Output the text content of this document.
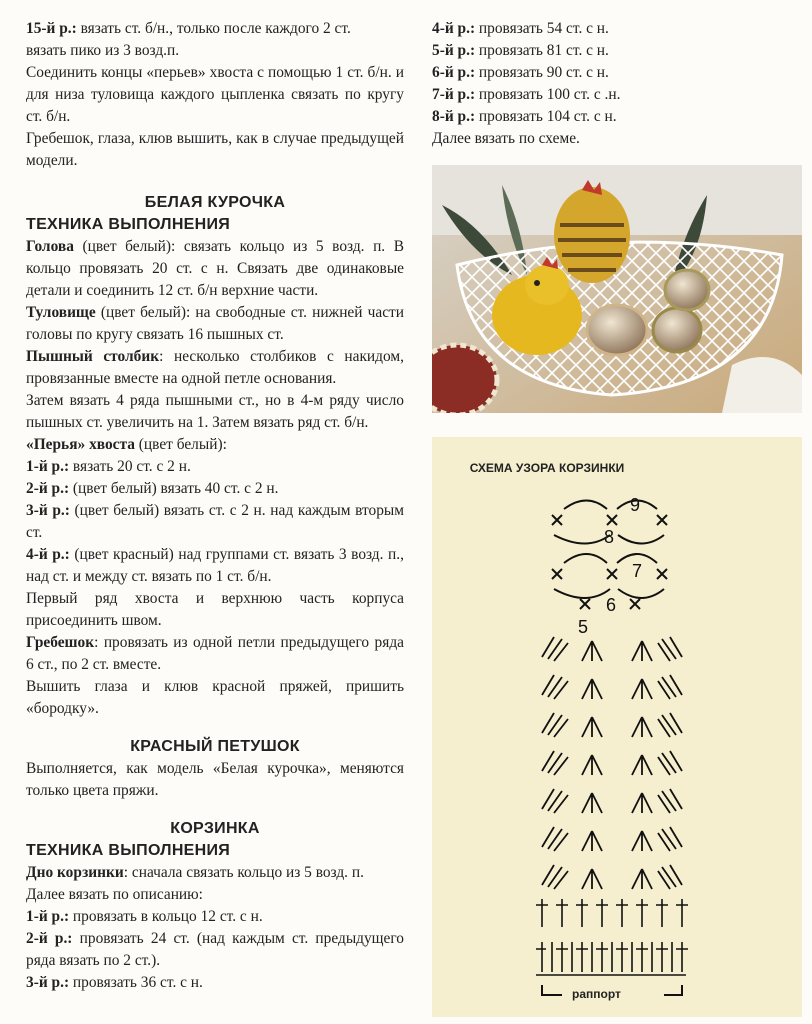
15-й р.: вязать ст. б/н., только после каждого 2 ст.
вязать пико из 3 возд.п.
Соединить концы «перьев» хвоста с помощью 1 ст. б/н. и для низа туловища каждого цыпленка связать по кругу ст. б/н.
Гребешок, глаза, клюв вышить, как в случае предыдущей модели.
БЕЛАЯ КУРОЧКА
ТЕХНИКА ВЫПОЛНЕНИЯ
Голова (цвет белый): связать кольцо из 5 возд. п. В кольцо провязать 20 ст. с н. Связать две одинаковые детали и соединить 12 ст. б/н верхние части.
Туловище (цвет белый): на свободные ст. нижней части головы по кругу связать 16 пышных ст.
Пышный столбик: несколько столбиков с накидом, провязанные вместе на одной петле основания.
Затем вязать 4 ряда пышными ст., но в 4-м ряду число пышных ст. увеличить на 1. Затем вязать ряд ст. б/н.
«Перья» хвоста (цвет белый):
1-й р.: вязать 20 ст. с 2 н.
2-й р.: (цвет белый) вязать 40 ст. с 2 н.
3-й р.: (цвет белый) вязать ст. с 2 н. над каждым вторым ст.
4-й р.: (цвет красный) над группами ст. вязать 3 возд. п., над ст. и между ст. вязать по 1 ст. б/н.
Первый ряд хвоста и верхнюю часть корпуса присоединить швом.
Гребешок: провязать из одной петли предыдущего ряда 6 ст., по 2 ст. вместе.
Вышить глаза и клюв красной пряжей, пришить «бородку».
КРАСНЫЙ ПЕТУШОК
Выполняется, как модель «Белая курочка», меняются только цвета пряжи.
КОРЗИНКА
ТЕХНИКА ВЫПОЛНЕНИЯ
Дно корзинки: сначала связать кольцо из 5 возд. п.
Далее вязать по описанию:
1-й р.: провязать в кольцо 12 ст. с н.
2-й р.: провязать 24 ст. (над каждым ст. предыдущего ряда вязать по 2 ст.).
3-й р.: провязать 36 ст. с н.
4-й р.: провязать 54 ст. с н.
5-й р.: провязать 81 ст. с н.
6-й р.: провязать 90 ст. с н.
7-й р.: провязать 100 ст. с .н.
8-й р.: провязать 104 ст. с н.
Далее вязать по схеме.
СХЕМА УЗОРА КОРЗИНКИ
9
8
7
6
5
раппорт
